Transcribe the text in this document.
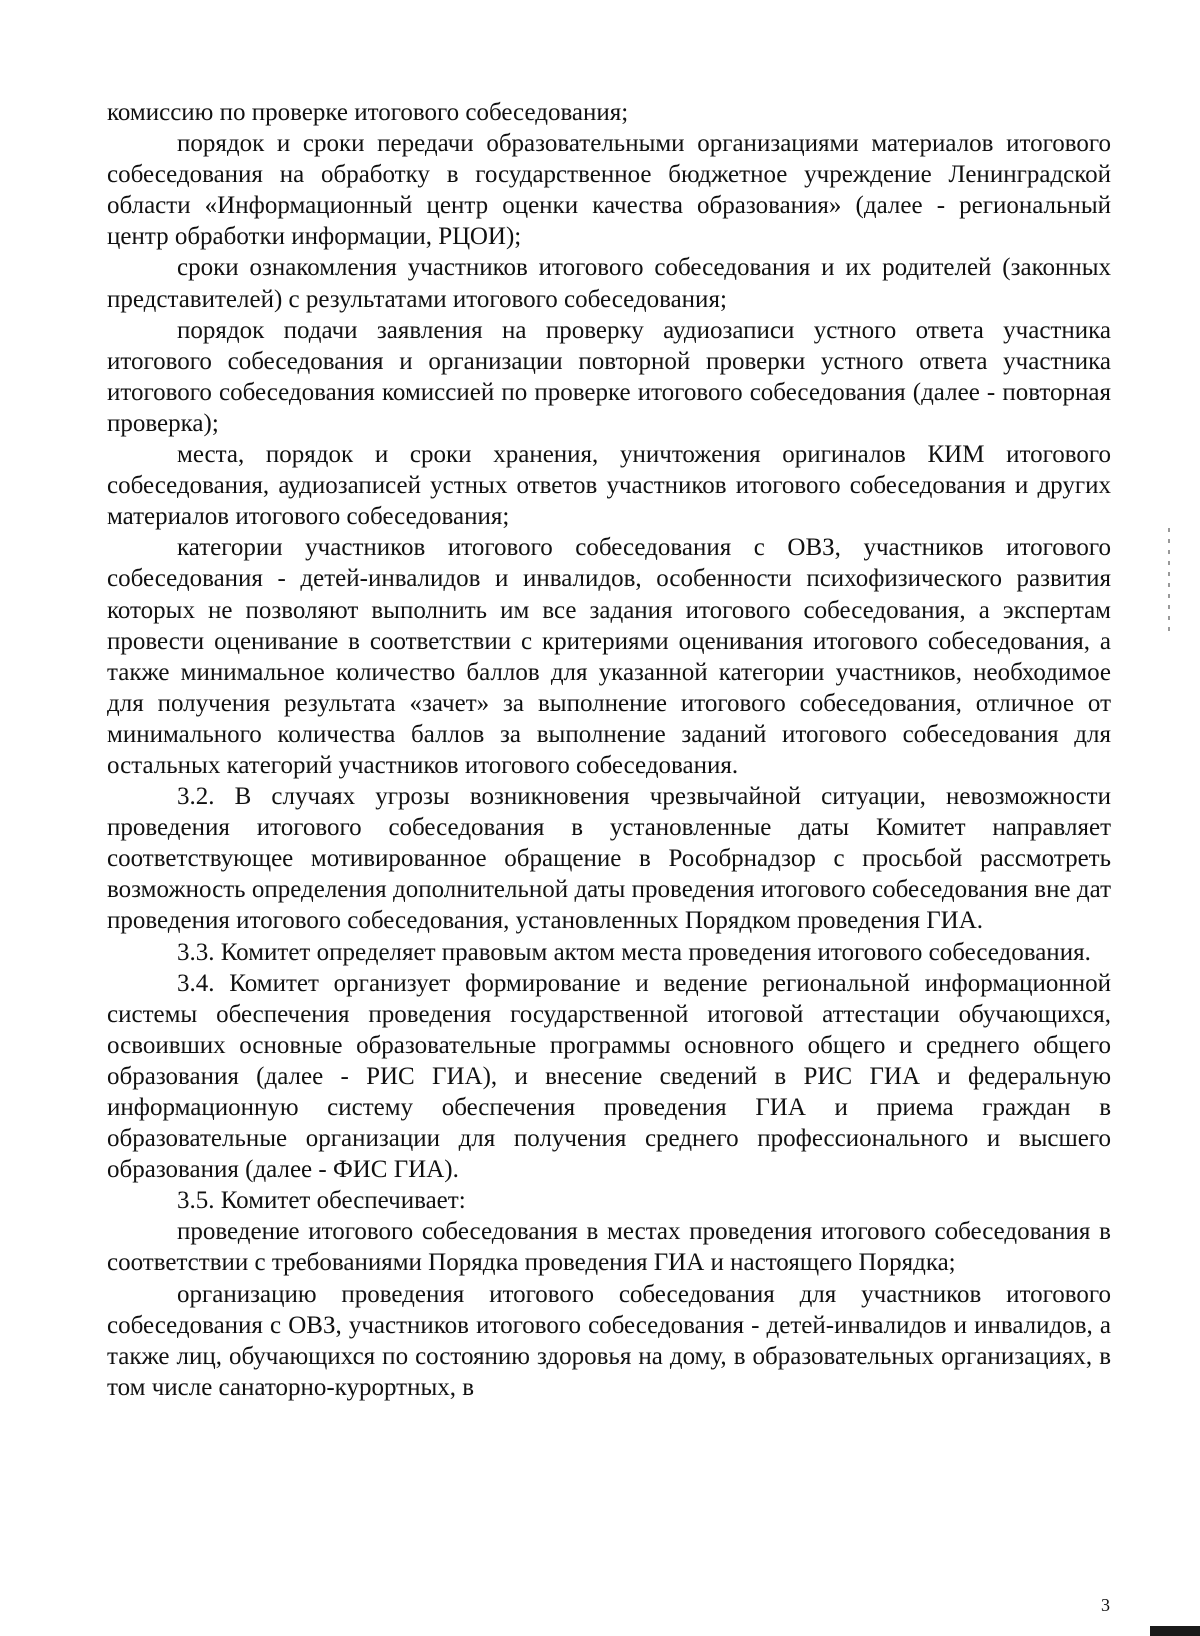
комиссию по проверке итогового собеседования;

порядок и сроки передачи образовательными организациями материалов итогового собеседования на обработку в государственное бюджетное учреждение Ленинградской области «Информационный центр оценки качества образования» (далее - региональный центр обработки информации, РЦОИ);

сроки ознакомления участников итогового собеседования и их родителей (законных представителей) с результатами итогового собеседования;

порядок подачи заявления на проверку аудиозаписи устного ответа участника итогового собеседования и организации повторной проверки устного ответа участника итогового собеседования комиссией по проверке итогового собеседования (далее - повторная проверка);

места, порядок и сроки хранения, уничтожения оригиналов КИМ итогового собеседования, аудиозаписей устных ответов участников итогового собеседования и других материалов итогового собеседования;

категории участников итогового собеседования с ОВЗ, участников итогового собеседования - детей-инвалидов и инвалидов, особенности психофизического развития которых не позволяют выполнить им все задания итогового собеседования, а экспертам провести оценивание в соответствии с критериями оценивания итогового собеседования, а также минимальное количество баллов для указанной категории участников, необходимое для получения результата «зачет» за выполнение итогового собеседования, отличное от минимального количества баллов за выполнение заданий итогового собеседования для остальных категорий участников итогового собеседования.

3.2. В случаях угрозы возникновения чрезвычайной ситуации, невозможности проведения итогового собеседования в установленные даты Комитет направляет соответствующее мотивированное обращение в Рособрнадзор с просьбой рассмотреть возможность определения дополнительной даты проведения итогового собеседования вне дат проведения итогового собеседования, установленных Порядком проведения ГИА.

3.3. Комитет определяет правовым актом места проведения итогового собеседования.

3.4. Комитет организует формирование и ведение региональной информационной системы обеспечения проведения государственной итоговой аттестации обучающихся, освоивших основные образовательные программы основного общего и среднего общего образования (далее - РИС ГИА), и внесение сведений в РИС ГИА и федеральную информационную систему обеспечения проведения ГИА и приема граждан в образовательные организации для получения среднего профессионального и высшего образования (далее - ФИС ГИА).

3.5. Комитет обеспечивает:

проведение итогового собеседования в местах проведения итогового собеседования в соответствии с требованиями Порядка проведения ГИА и настоящего Порядка;

организацию проведения итогового собеседования для участников итогового собеседования с ОВЗ, участников итогового собеседования - детей-инвалидов и инвалидов, а также лиц, обучающихся по состоянию здоровья на дому, в образовательных организациях, в том числе санаторно-курортных, в

3
